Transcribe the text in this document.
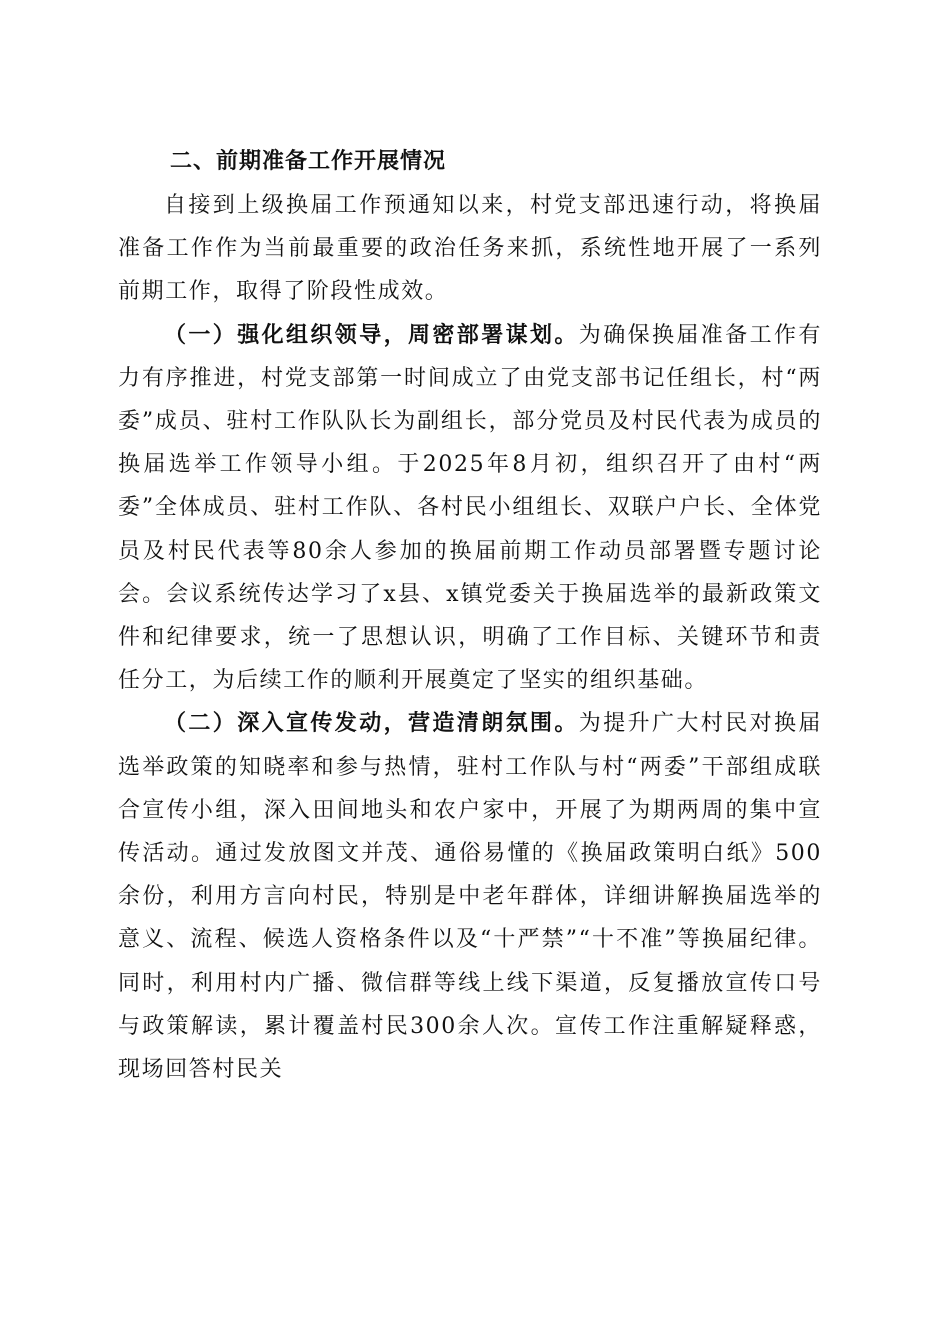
二、前期准备工作开展情况

自接到上级换届工作预通知以来，村党支部迅速行动，将换届准备工作作为当前最重要的政治任务来抓，系统性地开展了一系列前期工作，取得了阶段性成效。

（一）强化组织领导，周密部署谋划。为确保换届准备工作有力有序推进，村党支部第一时间成立了由党支部书记任组长，村“两委”成员、驻村工作队队长为副组长，部分党员及村民代表为成员的换届选举工作领导小组。于2025年8月初，组织召开了由村“两委”全体成员、驻村工作队、各村民小组组长、双联户户长、全体党员及村民代表等80余人参加的换届前期工作动员部署暨专题讨论会。会议系统传达学习了x县、x镇党委关于换届选举的最新政策文件和纪律要求，统一了思想认识，明确了工作目标、关键环节和责任分工，为后续工作的顺利开展奠定了坚实的组织基础。

（二）深入宣传发动，营造清朗氛围。为提升广大村民对换届选举政策的知晓率和参与热情，驻村工作队与村“两委”干部组成联合宣传小组，深入田间地头和农户家中，开展了为期两周的集中宣传活动。通过发放图文并茂、通俗易懂的《换届政策明白纸》500余份，利用方言向村民，特别是中老年群体，详细讲解换届选举的意义、流程、候选人资格条件以及“十严禁”“十不准”等换届纪律。同时，利用村内广播、微信群等线上线下渠道，反复播放宣传口号与政策解读，累计覆盖村民300余人次。宣传工作注重解疑释惑，现场回答村民关
